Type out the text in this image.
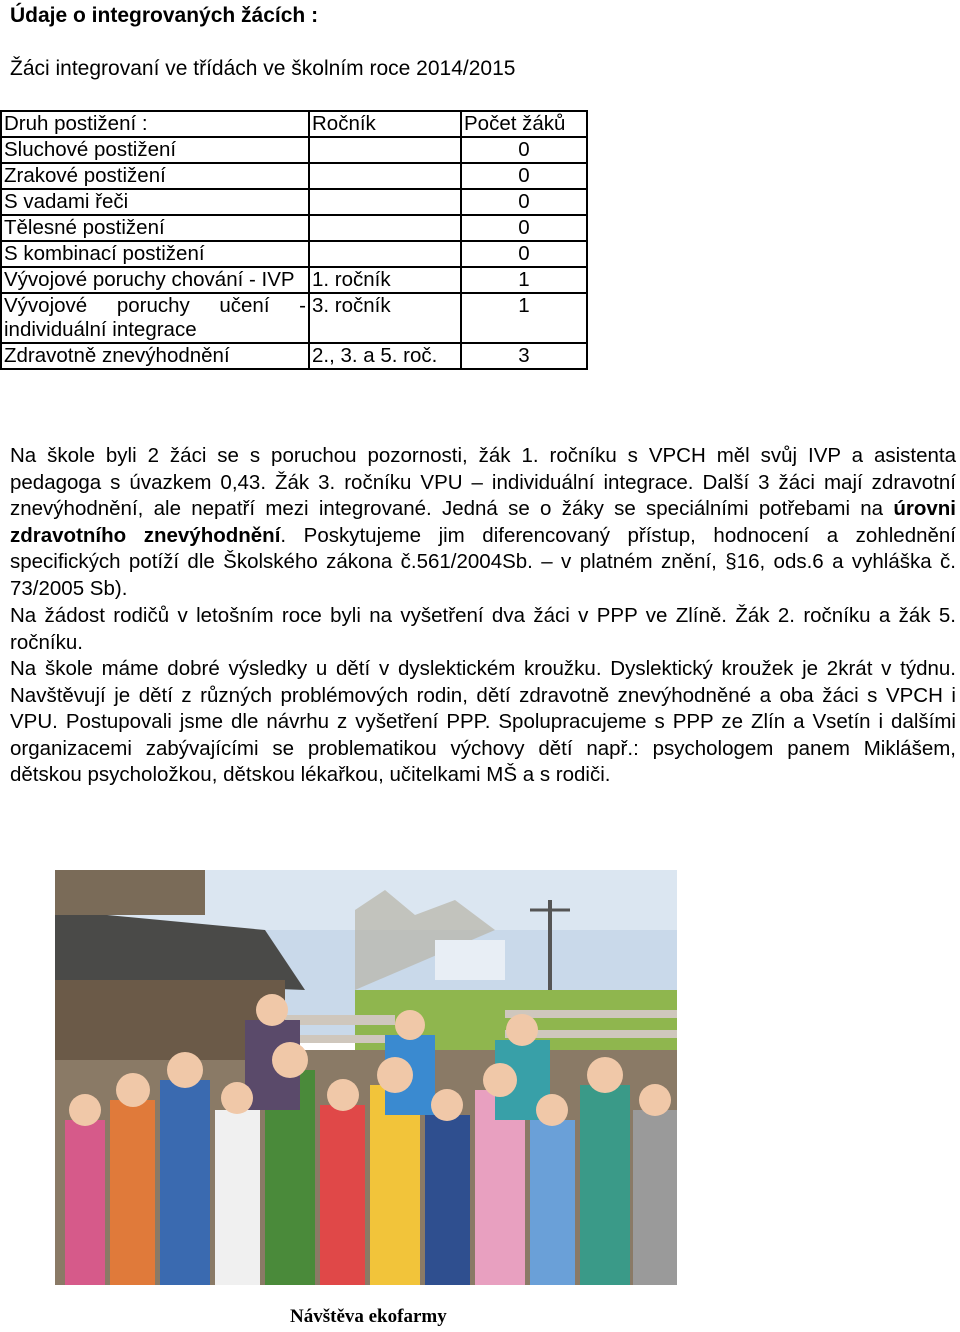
Údaje o integrovaných žácích :

Žáci integrovaní ve třídách ve školním roce 2014/2015

Druh postižení :	Ročník	Počet žáků
Sluchové postižení		0
Zrakové postižení		0
S vadami řeči		0
Tělesné postižení		0
S kombinací postižení		0
Vývojové poruchy chování - IVP	1. ročník	1
Vývojové poruchy učení - individuální integrace	3. ročník	1
Zdravotně znevýhodnění	2., 3. a 5. roč.	3

Na škole byli 2 žáci se s poruchou pozornosti, žák 1. ročníku s VPCH měl svůj IVP a asistenta pedagoga s úvazkem 0,43. Žák 3. ročníku VPU – individuální integrace. Další 3 žáci mají zdravotní znevýhodnění, ale nepatří mezi integrované. Jedná se o žáky se speciálními potřebami na úrovni zdravotního znevýhodnění. Poskytujeme jim diferencovaný přístup, hodnocení a zohlednění specifických potíží dle Školského zákona č.561/2004Sb. – v platném znění, §16, ods.6 a vyhláška č. 73/2005 Sb).

Na žádost rodičů v letošním roce byli na vyšetření dva žáci v PPP ve Zlíně. Žák 2. ročníku a žák 5. ročníku.

Na škole máme dobré výsledky u dětí v dyslektickém kroužku. Dyslektický kroužek je 2krát v týdnu. Navštěvují je dětí z různých problémových rodin, dětí zdravotně znevýhodněné a oba žáci s VPCH i VPU. Postupovali jsme dle návrhu z vyšetření PPP. Spolupracujeme s PPP ze Zlín a Vsetín i dalšími organizacemi zabývajícími se problematikou výchovy dětí např.: psychologem panem Miklášem, dětskou psycholožkou, dětskou lékařkou, učitelkami MŠ a s rodiči.

Návštěva ekofarmy
